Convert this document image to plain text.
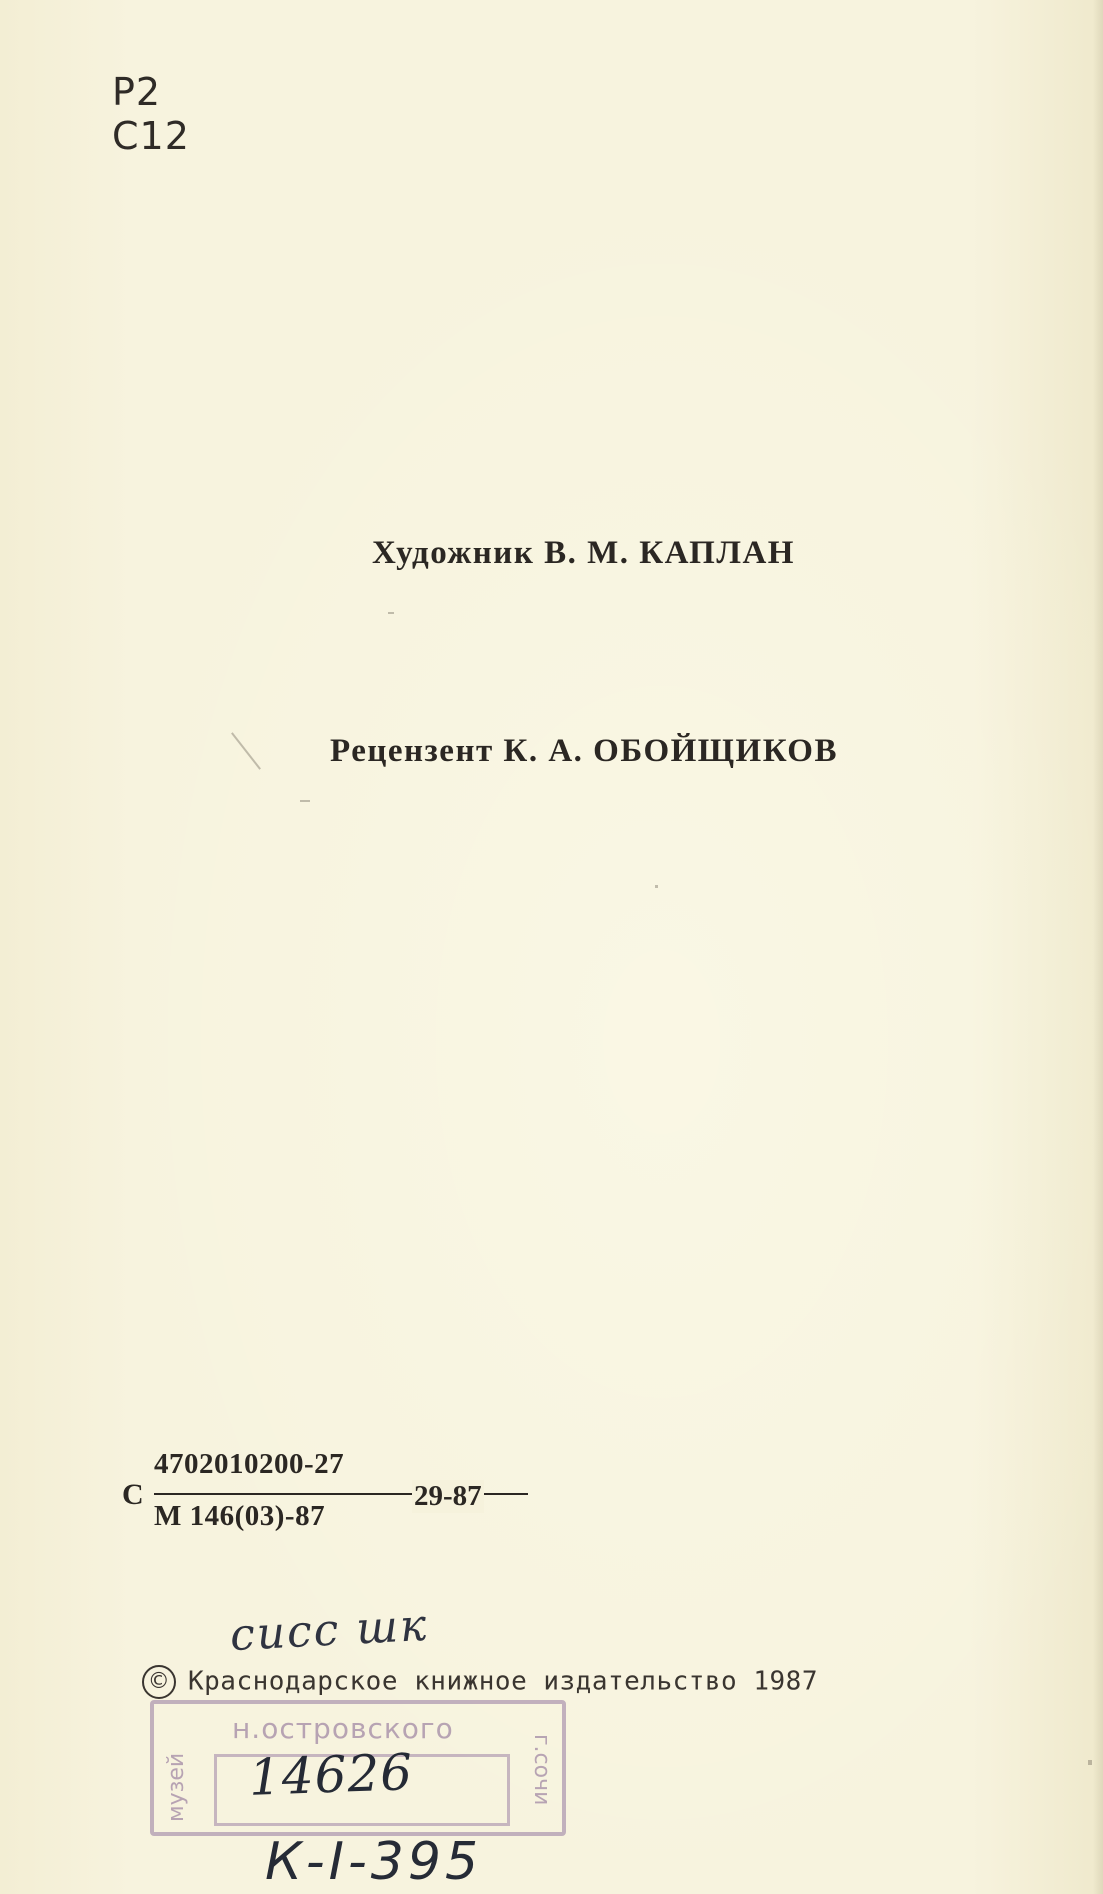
Р2
С12
Художник В. М. КАПЛАН
Рецензент К. А. ОБОЙЩИКОВ
С
4702010200-27
М 146(03)-87
29-87
сисс шк
© Краснодарское книжное издательство 1987
н.островского
музей	г.сочи
14626
К-I-395
